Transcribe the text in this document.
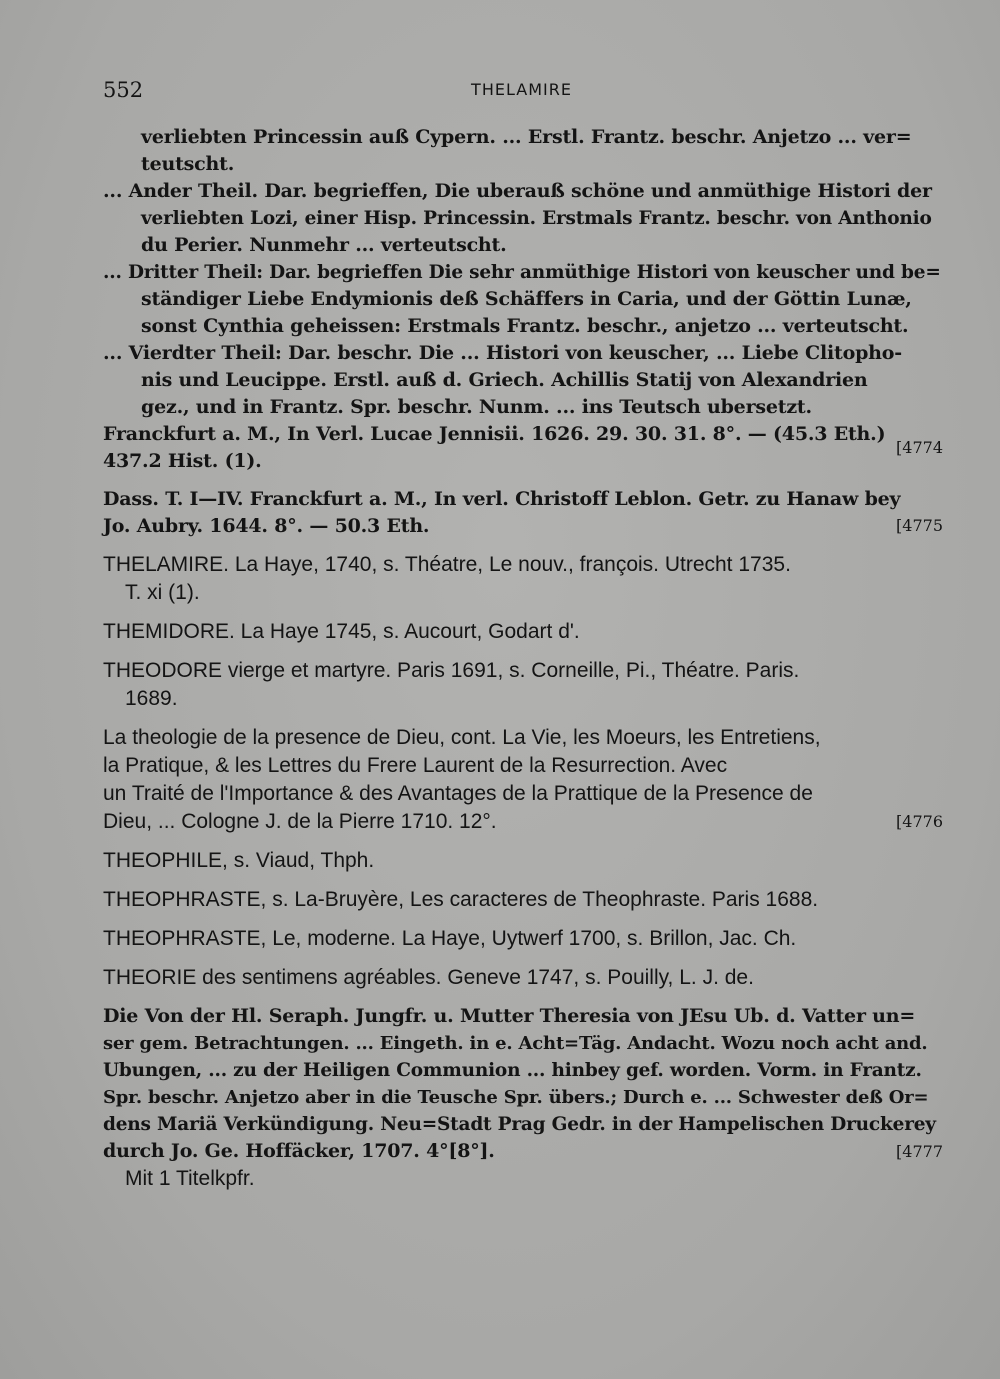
552	THELAMIRE
verliebten Princessin auß Cypern. ... Erstl. Frantz. beschr. Anjetzo ... ver=
teutscht.
... Ander Theil. Dar. begrieffen, Die uberauß schöne und anmüthige Histori der
verliebten Lozi, einer Hisp. Princessin. Erstmals Frantz. beschr. von Anthonio
du Perier. Nunmehr ... verteutscht.
... Dritter Theil: Dar. begrieffen Die sehr anmüthige Histori von keuscher und be=
ständiger Liebe Endymionis deß Schäffers in Caria, und der Göttin Lunæ,
sonst Cynthia geheissen: Erstmals Frantz. beschr., anjetzo ... verteutscht.
... Vierdter Theil: Dar. beschr. Die ... Histori von keuscher, ... Liebe Clitopho-
nis und Leucippe. Erstl. auß d. Griech. Achillis Statij von Alexandrien
gez., und in Frantz. Spr. beschr. Nunm. ... ins Teutsch ubersetzt.
Franckfurt a. M., In Verl. Lucae Jennisii. 1626. 29. 30. 31. 8°. — (45.3 Eth.)
437.2 Hist. (1).
[4774
Dass. T. I—IV. Franckfurt a. M., In verl. Christoff Leblon. Getr. zu Hanaw bey
Jo. Aubry. 1644. 8°. — 50.3 Eth.	[4775
THELAMIRE. La Haye, 1740, s. Théatre, Le nouv., françois. Utrecht 1735.
T. xi (1).
THEMIDORE. La Haye 1745, s. Aucourt, Godart d'.
THEODORE vierge et martyre. Paris 1691, s. Corneille, Pi., Théatre. Paris.
1689.
La theologie de la presence de Dieu, cont. La Vie, les Moeurs, les Entretiens,
la Pratique, & les Lettres du Frere Laurent de la Resurrection. Avec
un Traité de l'Importance & des Avantages de la Prattique de la Presence de
Dieu, ... Cologne J. de la Pierre 1710. 12°.	[4776
THEOPHILE, s. Viaud, Thph.
THEOPHRASTE, s. La-Bruyère, Les caracteres de Theophraste. Paris 1688.
THEOPHRASTE, Le, moderne. La Haye, Uytwerf 1700, s. Brillon, Jac. Ch.
THEORIE des sentimens agréables. Geneve 1747, s. Pouilly, L. J. de.
Die Von der Hl. Seraph. Jungfr. u. Mutter Theresia von JEsu Ub. d. Vatter un=
ser gem. Betrachtungen. ... Eingeth. in e. Acht=Täg. Andacht. Wozu noch acht and.
Ubungen, ... zu der Heiligen Communion ... hinbey gef. worden. Vorm. in Frantz.
Spr. beschr. Anjetzo aber in die Teusche Spr. übers.; Durch e. ... Schwester deß Or=
dens Mariä Verkündigung. Neu=Stadt Prag Gedr. in der Hampelischen Druckerey
durch Jo. Ge. Hoffäcker, 1707. 4°[8°].
Mit 1 Titelkpfr.
[4777
